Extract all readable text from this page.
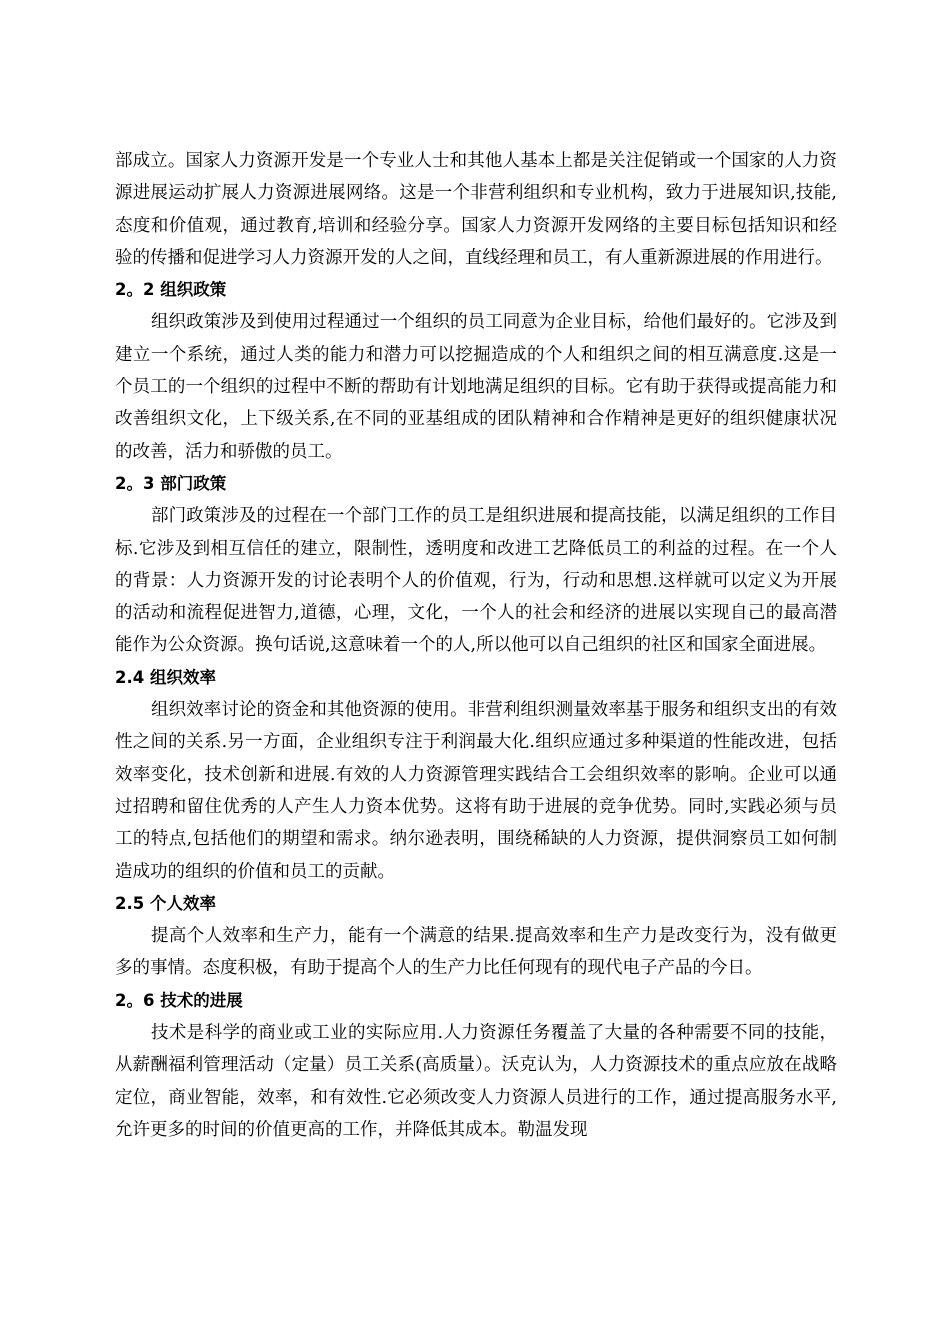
部成立。国家人力资源开发是一个专业人士和其他人基本上都是关注促销或一个国家的人力资源进展运动扩展人力资源进展网络。这是一个非营利组织和专业机构，致力于进展知识,技能,态度和价值观，通过教育,培训和经验分享。国家人力资源开发网络的主要目标包括知识和经验的传播和促进学习人力资源开发的人之间，直线经理和员工，有人重新源进展的作用进行。

2。2 组织政策

组织政策涉及到使用过程通过一个组织的员工同意为企业目标，给他们最好的。它涉及到建立一个系统，通过人类的能力和潜力可以挖掘造成的个人和组织之间的相互满意度.这是一个员工的一个组织的过程中不断的帮助有计划地满足组织的目标。它有助于获得或提高能力和改善组织文化，上下级关系,在不同的亚基组成的团队精神和合作精神是更好的组织健康状况的改善，活力和骄傲的员工。

2。3 部门政策

部门政策涉及的过程在一个部门工作的员工是组织进展和提高技能，以满足组织的工作目标.它涉及到相互信任的建立，限制性，透明度和改进工艺降低员工的利益的过程。在一个人的背景：人力资源开发的讨论表明个人的价值观，行为，行动和思想.这样就可以定义为开展的活动和流程促进智力,道德，心理，文化，一个人的社会和经济的进展以实现自己的最高潜能作为公众资源。换句话说,这意味着一个的人,所以他可以自己组织的社区和国家全面进展。

2.4 组织效率

组织效率讨论的资金和其他资源的使用。非营利组织测量效率基于服务和组织支出的有效性之间的关系.另一方面，企业组织专注于利润最大化.组织应通过多种渠道的性能改进，包括效率变化，技术创新和进展.有效的人力资源管理实践结合工会组织效率的影响。企业可以通过招聘和留住优秀的人产生人力资本优势。这将有助于进展的竞争优势。同时,实践必须与员工的特点,包括他们的期望和需求。纳尔逊表明，围绕稀缺的人力资源，提供洞察员工如何制造成功的组织的价值和员工的贡献。

2.5 个人效率

提高个人效率和生产力，能有一个满意的结果.提高效率和生产力是改变行为，没有做更多的事情。态度积极，有助于提高个人的生产力比任何现有的现代电子产品的今日。

2。6 技术的进展

技术是科学的商业或工业的实际应用.人力资源任务覆盖了大量的各种需要不同的技能，从薪酬福利管理活动（定量）员工关系(高质量）。沃克认为，人力资源技术的重点应放在战略定位，商业智能，效率，和有效性.它必须改变人力资源人员进行的工作，通过提高服务水平,允许更多的时间的价值更高的工作，并降低其成本。勒温发现
